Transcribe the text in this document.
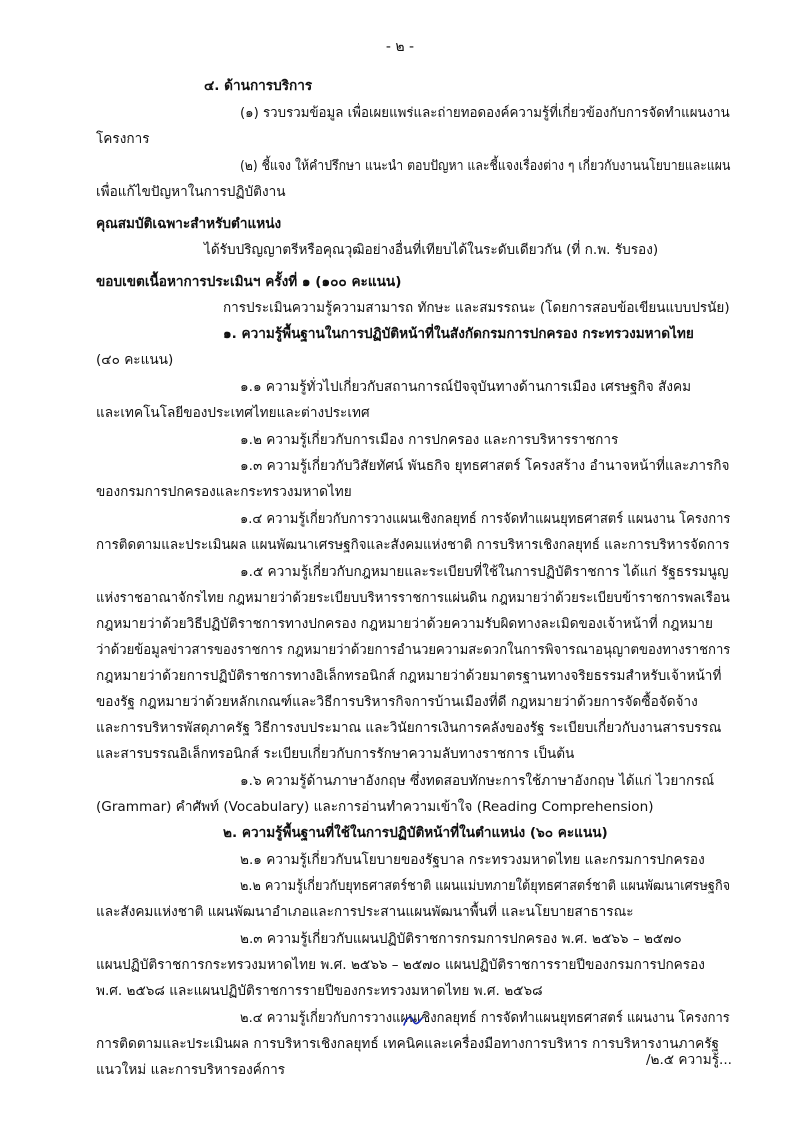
- ๒ -
๔. ด้านการบริการ
(๑) รวบรวมข้อมูล เพื่อเผยแพร่และถ่ายทอดองค์ความรู้ที่เกี่ยวข้องกับการจัดทำแผนงาน
โครงการ
(๒) ชี้แจง ให้คำปรึกษา แนะนำ ตอบปัญหา และชี้แจงเรื่องต่าง ๆ เกี่ยวกับงานนโยบายและแผน
เพื่อแก้ไขปัญหาในการปฏิบัติงาน
คุณสมบัติเฉพาะสำหรับตำแหน่ง
ได้รับปริญญาตรีหรือคุณวุฒิอย่างอื่นที่เทียบได้ในระดับเดียวกัน (ที่ ก.พ. รับรอง)
ขอบเขตเนื้อหาการประเมินฯ ครั้งที่ ๑ (๑๐๐ คะแนน)
การประเมินความรู้ความสามารถ ทักษะ และสมรรถนะ (โดยการสอบข้อเขียนแบบปรนัย)
๑. ความรู้พื้นฐานในการปฏิบัติหน้าที่ในสังกัดกรมการปกครอง กระทรวงมหาดไทย
(๔๐ คะแนน)
๑.๑ ความรู้ทั่วไปเกี่ยวกับสถานการณ์ปัจจุบันทางด้านการเมือง เศรษฐกิจ สังคม
และเทคโนโลยีของประเทศไทยและต่างประเทศ
๑.๒ ความรู้เกี่ยวกับการเมือง การปกครอง และการบริหารราชการ
๑.๓ ความรู้เกี่ยวกับวิสัยทัศน์ พันธกิจ ยุทธศาสตร์ โครงสร้าง อำนาจหน้าที่และภารกิจ
ของกรมการปกครองและกระทรวงมหาดไทย
๑.๔ ความรู้เกี่ยวกับการวางแผนเชิงกลยุทธ์ การจัดทำแผนยุทธศาสตร์ แผนงาน โครงการ
การติดตามและประเมินผล แผนพัฒนาเศรษฐกิจและสังคมแห่งชาติ การบริหารเชิงกลยุทธ์ และการบริหารจัดการ
๑.๕ ความรู้เกี่ยวกับกฎหมายและระเบียบที่ใช้ในการปฏิบัติราชการ ได้แก่ รัฐธรรมนูญ
แห่งราชอาณาจักรไทย กฎหมายว่าด้วยระเบียบบริหารราชการแผ่นดิน กฎหมายว่าด้วยระเบียบข้าราชการพลเรือน
กฎหมายว่าด้วยวิธีปฏิบัติราชการทางปกครอง กฎหมายว่าด้วยความรับผิดทางละเมิดของเจ้าหน้าที่ กฎหมาย
ว่าด้วยข้อมูลข่าวสารของราชการ กฎหมายว่าด้วยการอำนวยความสะดวกในการพิจารณาอนุญาตของทางราชการ
กฎหมายว่าด้วยการปฏิบัติราชการทางอิเล็กทรอนิกส์ กฎหมายว่าด้วยมาตรฐานทางจริยธรรมสำหรับเจ้าหน้าที่
ของรัฐ กฎหมายว่าด้วยหลักเกณฑ์และวิธีการบริหารกิจการบ้านเมืองที่ดี กฎหมายว่าด้วยการจัดซื้อจัดจ้าง
และการบริหารพัสดุภาครัฐ วิธีการงบประมาณ และวินัยการเงินการคลังของรัฐ ระเบียบเกี่ยวกับงานสารบรรณ
และสารบรรณอิเล็กทรอนิกส์ ระเบียบเกี่ยวกับการรักษาความลับทางราชการ เป็นต้น
๑.๖ ความรู้ด้านภาษาอังกฤษ ซึ่งทดสอบทักษะการใช้ภาษาอังกฤษ ได้แก่ ไวยากรณ์
(Grammar) คำศัพท์ (Vocabulary) และการอ่านทำความเข้าใจ (Reading Comprehension)
๒. ความรู้พื้นฐานที่ใช้ในการปฏิบัติหน้าที่ในตำแหน่ง (๖๐ คะแนน)
๒.๑ ความรู้เกี่ยวกับนโยบายของรัฐบาล กระทรวงมหาดไทย และกรมการปกครอง
๒.๒ ความรู้เกี่ยวกับยุทธศาสตร์ชาติ แผนแม่บทภายใต้ยุทธศาสตร์ชาติ แผนพัฒนาเศรษฐกิจ
และสังคมแห่งชาติ แผนพัฒนาอำเภอและการประสานแผนพัฒนาพื้นที่ และนโยบายสาธารณะ
๒.๓ ความรู้เกี่ยวกับแผนปฏิบัติราชการกรมการปกครอง พ.ศ. ๒๕๖๖ – ๒๕๗๐
แผนปฏิบัติราชการกระทรวงมหาดไทย พ.ศ. ๒๕๖๖ – ๒๕๗๐ แผนปฏิบัติราชการรายปีของกรมการปกครอง
พ.ศ. ๒๕๖๘ และแผนปฏิบัติราชการรายปีของกระทรวงมหาดไทย พ.ศ. ๒๕๖๘
๒.๔ ความรู้เกี่ยวกับการวางแผนเชิงกลยุทธ์ การจัดทำแผนยุทธศาสตร์ แผนงาน โครงการ
การติดตามและประเมินผล การบริหารเชิงกลยุทธ์ เทคนิคและเครื่องมือทางการบริหาร การบริหารงานภาครัฐ
แนวใหม่ และการบริหารองค์การ
/๒.๕ ความรู้...
